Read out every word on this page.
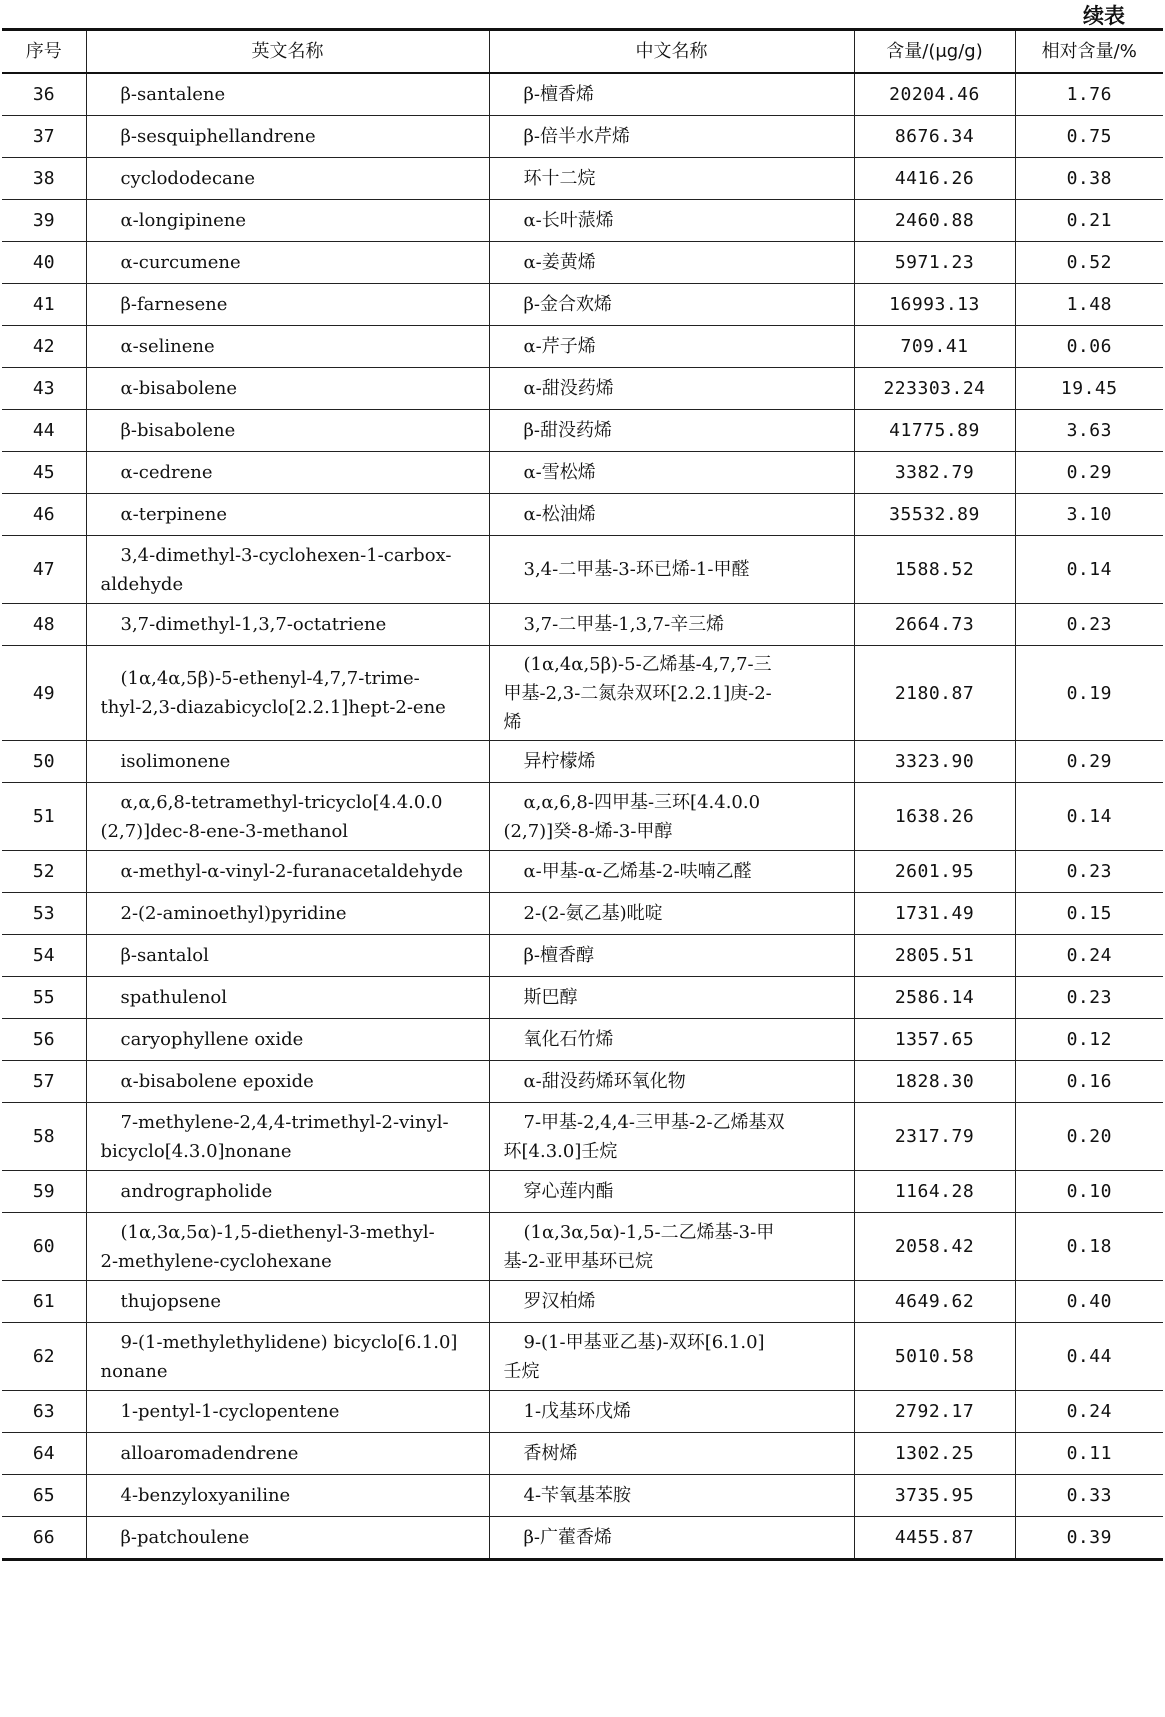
续表
序号	英文名称	中文名称	含量/(μg/g)	相对含量/%
36	β-santalene	β-檀香烯	20204.46	1.76
37	β-sesquiphellandrene	β-倍半水芹烯	8676.34	0.75
38	cyclododecane	环十二烷	4416.26	0.38
39	α-longipinene	α-长叶蒎烯	2460.88	0.21
40	α-curcumene	α-姜黄烯	5971.23	0.52
41	β-farnesene	β-金合欢烯	16993.13	1.48
42	α-selinene	α-芹子烯	709.41	0.06
43	α-bisabolene	α-甜没药烯	223303.24	19.45
44	β-bisabolene	β-甜没药烯	41775.89	3.63
45	α-cedrene	α-雪松烯	3382.79	0.29
46	α-terpinene	α-松油烯	35532.89	3.10
47	3,4-dimethyl-3-cyclohexen-1-carbox-
aldehyde	3,4-二甲基-3-环已烯-1-甲醛	1588.52	0.14
48	3,7-dimethyl-1,3,7-octatriene	3,7-二甲基-1,3,7-辛三烯	2664.73	0.23
49	(1α,4α,5β)-5-ethenyl-4,7,7-trime-
thyl-2,3-diazabicyclo[2.2.1]hept-2-ene	(1α,4α,5β)-5-乙烯基-4,7,7-三
甲基-2,3-二氮杂双环[2.2.1]庚-2-
烯	2180.87	0.19
50	isolimonene	异柠檬烯	3323.90	0.29
51	α,α,6,8-tetramethyl-tricyclo[4.4.0.0
(2,7)]dec-8-ene-3-methanol	α,α,6,8-四甲基-三环[4.4.0.0
(2,7)]癸-8-烯-3-甲醇	1638.26	0.14
52	α-methyl-α-vinyl-2-furanacetaldehyde	α-甲基-α-乙烯基-2-呋喃乙醛	2601.95	0.23
53	2-(2-aminoethyl)pyridine	2-(2-氨乙基)吡啶	1731.49	0.15
54	β-santalol	β-檀香醇	2805.51	0.24
55	spathulenol	斯巴醇	2586.14	0.23
56	caryophyllene oxide	氧化石竹烯	1357.65	0.12
57	α-bisabolene epoxide	α-甜没药烯环氧化物	1828.30	0.16
58	7-methylene-2,4,4-trimethyl-2-vinyl-
bicyclo[4.3.0]nonane	7-甲基-2,4,4-三甲基-2-乙烯基双
环[4.3.0]壬烷	2317.79	0.20
59	andrographolide	穿心莲内酯	1164.28	0.10
60	(1α,3α,5α)-1,5-diethenyl-3-methyl-
2-methylene-cyclohexane	(1α,3α,5α)-1,5-二乙烯基-3-甲
基-2-亚甲基环已烷	2058.42	0.18
61	thujopsene	罗汉柏烯	4649.62	0.40
62	9-(1-methylethylidene) bicyclo[6.1.0]
nonane	9-(1-甲基亚乙基)-双环[6.1.0]
壬烷	5010.58	0.44
63	1-pentyl-1-cyclopentene	1-戊基环戊烯	2792.17	0.24
64	alloaromadendrene	香树烯	1302.25	0.11
65	4-benzyloxyaniline	4-苄氧基苯胺	3735.95	0.33
66	β-patchoulene	β-广藿香烯	4455.87	0.39
